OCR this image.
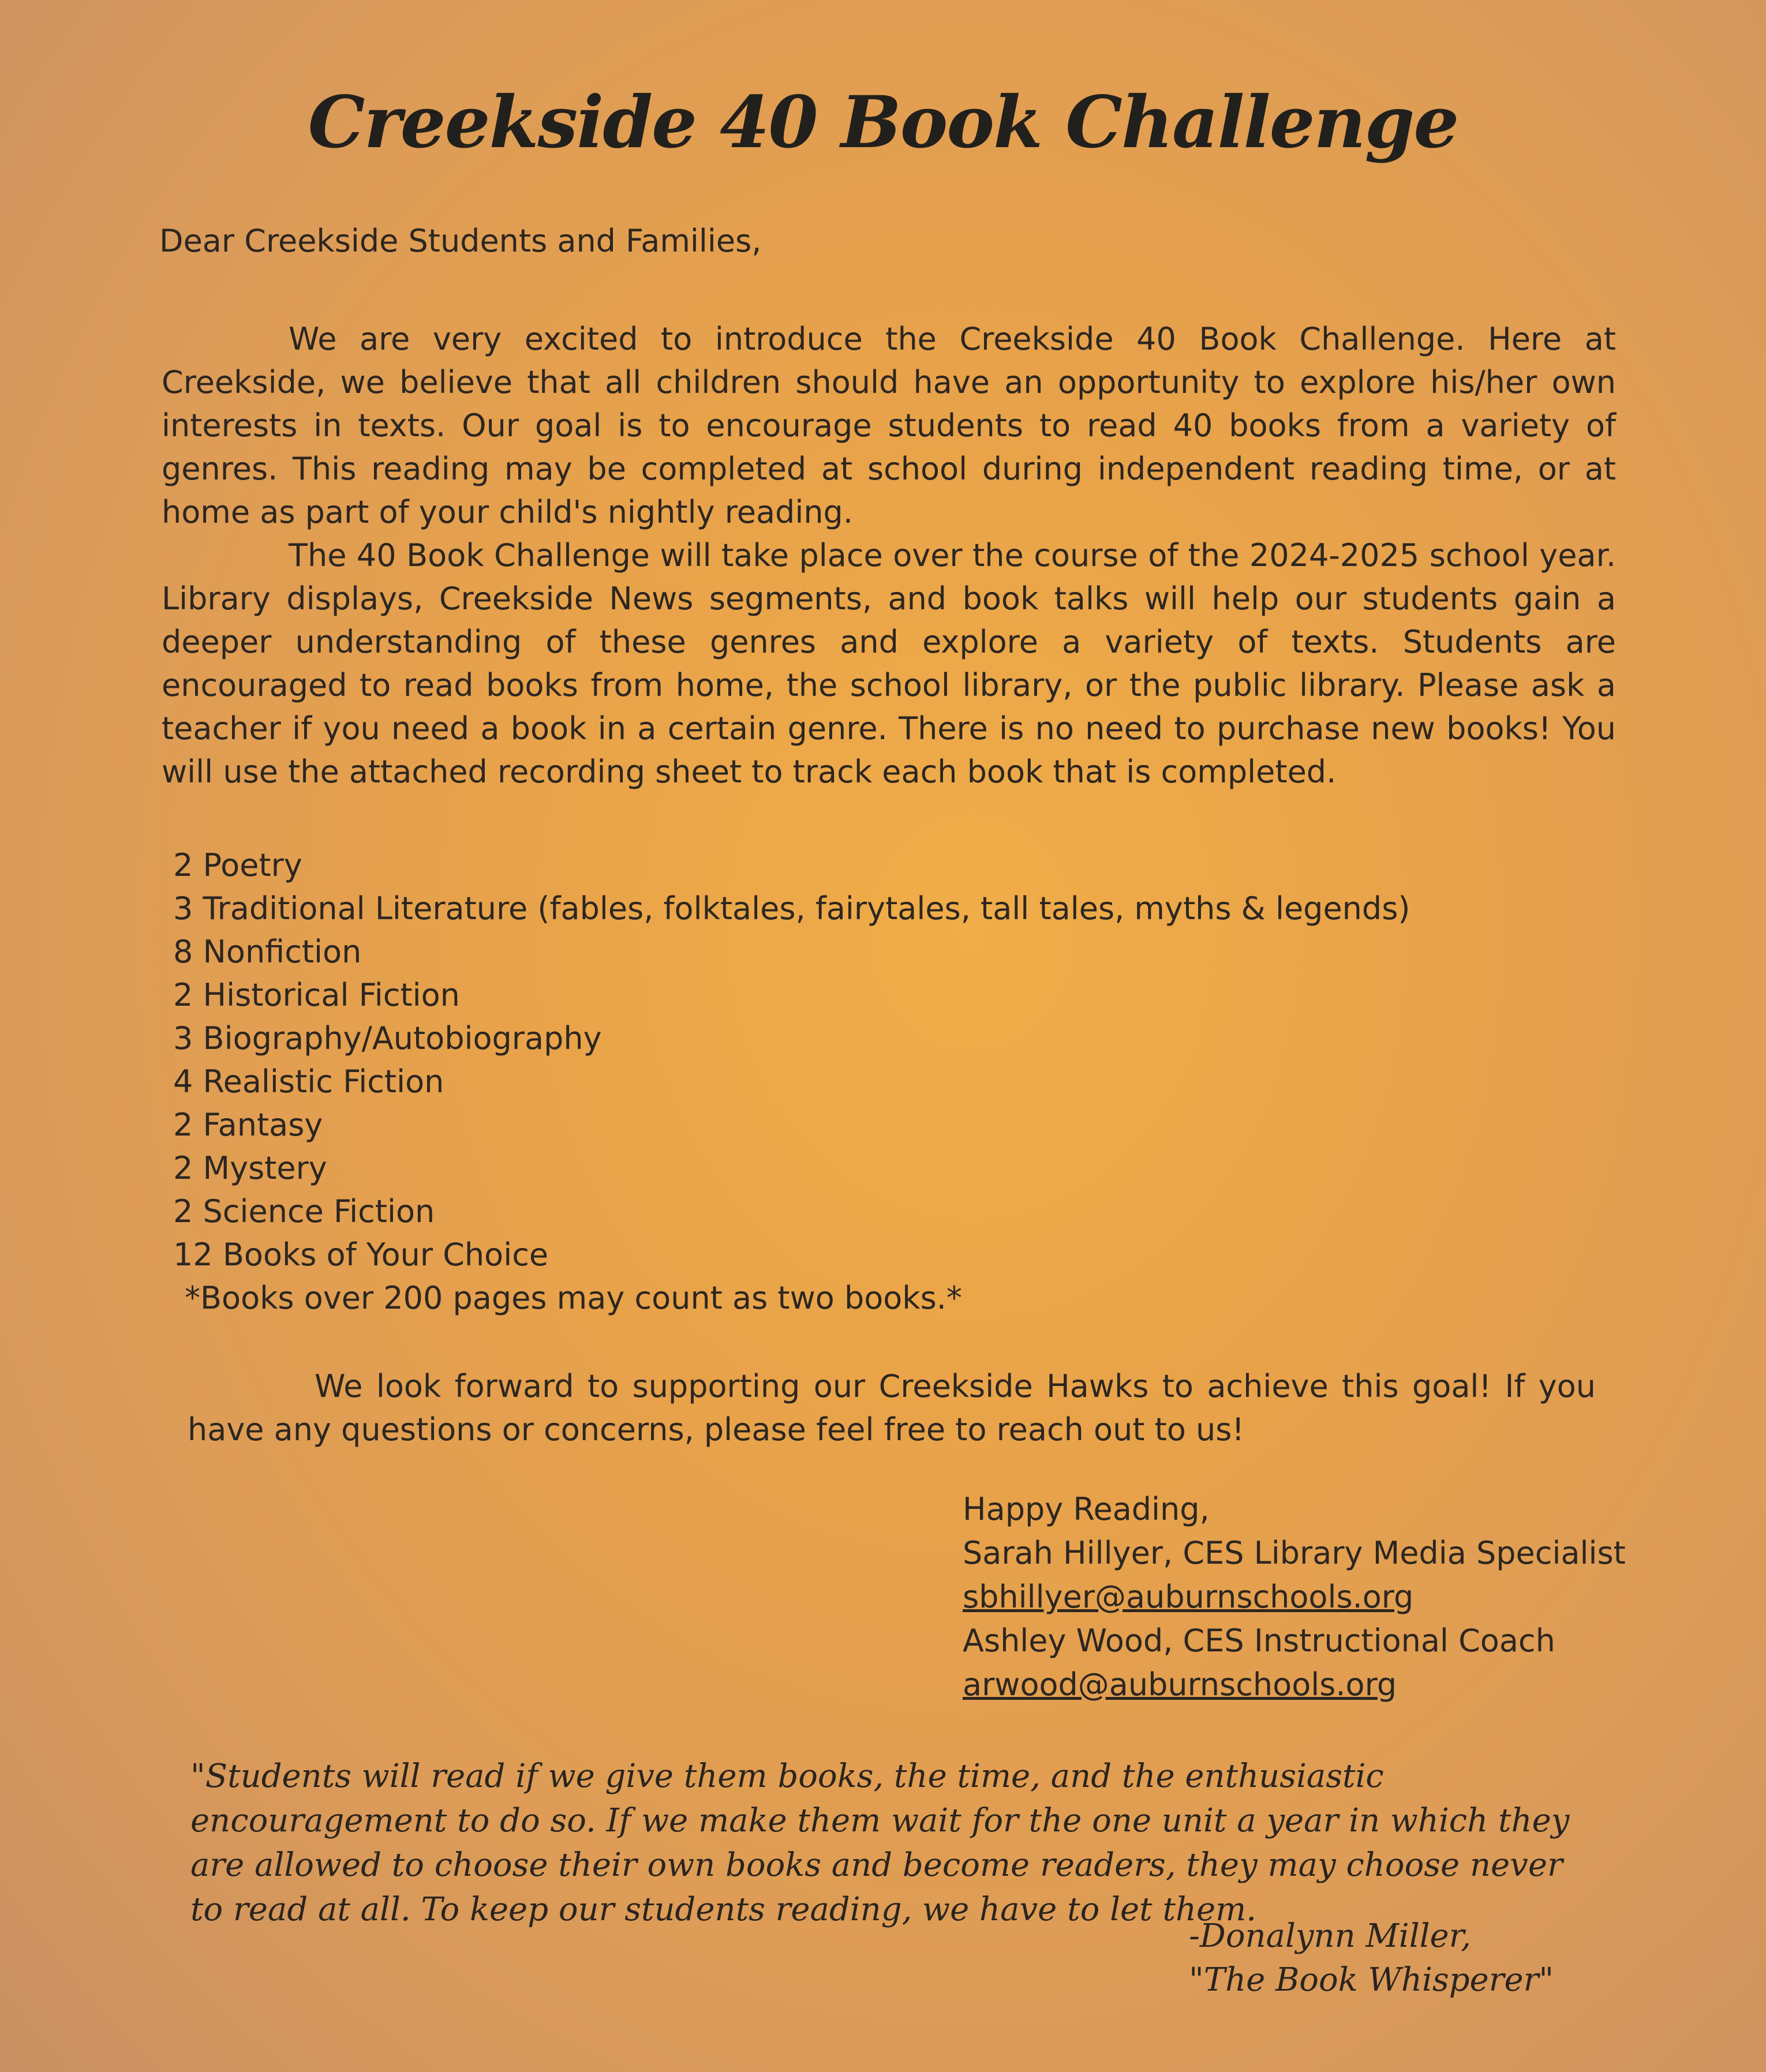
Creekside 40 Book Challenge
Dear Creekside Students and Families,

We are very excited to introduce the Creekside 40 Book Challenge. Here at Creekside, we believe that all children should have an opportunity to explore his/her own interests in texts. Our goal is to encourage students to read 40 books from a variety of genres. This reading may be completed at school during independent reading time, or at home as part of your child's nightly reading.

The 40 Book Challenge will take place over the course of the 2024-2025 school year. Library displays, Creekside News segments, and book talks will help our students gain a deeper understanding of these genres and explore a variety of texts. Students are encouraged to read books from home, the school library, or the public library. Please ask a teacher if you need a book in a certain genre. There is no need to purchase new books! You will use the attached recording sheet to track each book that is completed.

2 Poetry
3 Traditional Literature (fables, folktales, fairytales, tall tales, myths & legends)
8 Nonfiction
2 Historical Fiction
3 Biography/Autobiography
4 Realistic Fiction
2 Fantasy
2 Mystery
2 Science Fiction
12 Books of Your Choice
*Books over 200 pages may count as two books.*

We look forward to supporting our Creekside Hawks to achieve this goal! If you have any questions or concerns, please feel free to reach out to us!

Happy Reading,
Sarah Hillyer, CES Library Media Specialist
sbhillyer@auburnschools.org
Ashley Wood, CES Instructional Coach
arwood@auburnschools.org

"Students will read if we give them books, the time, and the enthusiastic encouragement to do so. If we make them wait for the one unit a year in which they are allowed to choose their own books and become readers, they may choose never to read at all. To keep our students reading, we have to let them.

-Donalynn Miller,
"The Book Whisperer"
